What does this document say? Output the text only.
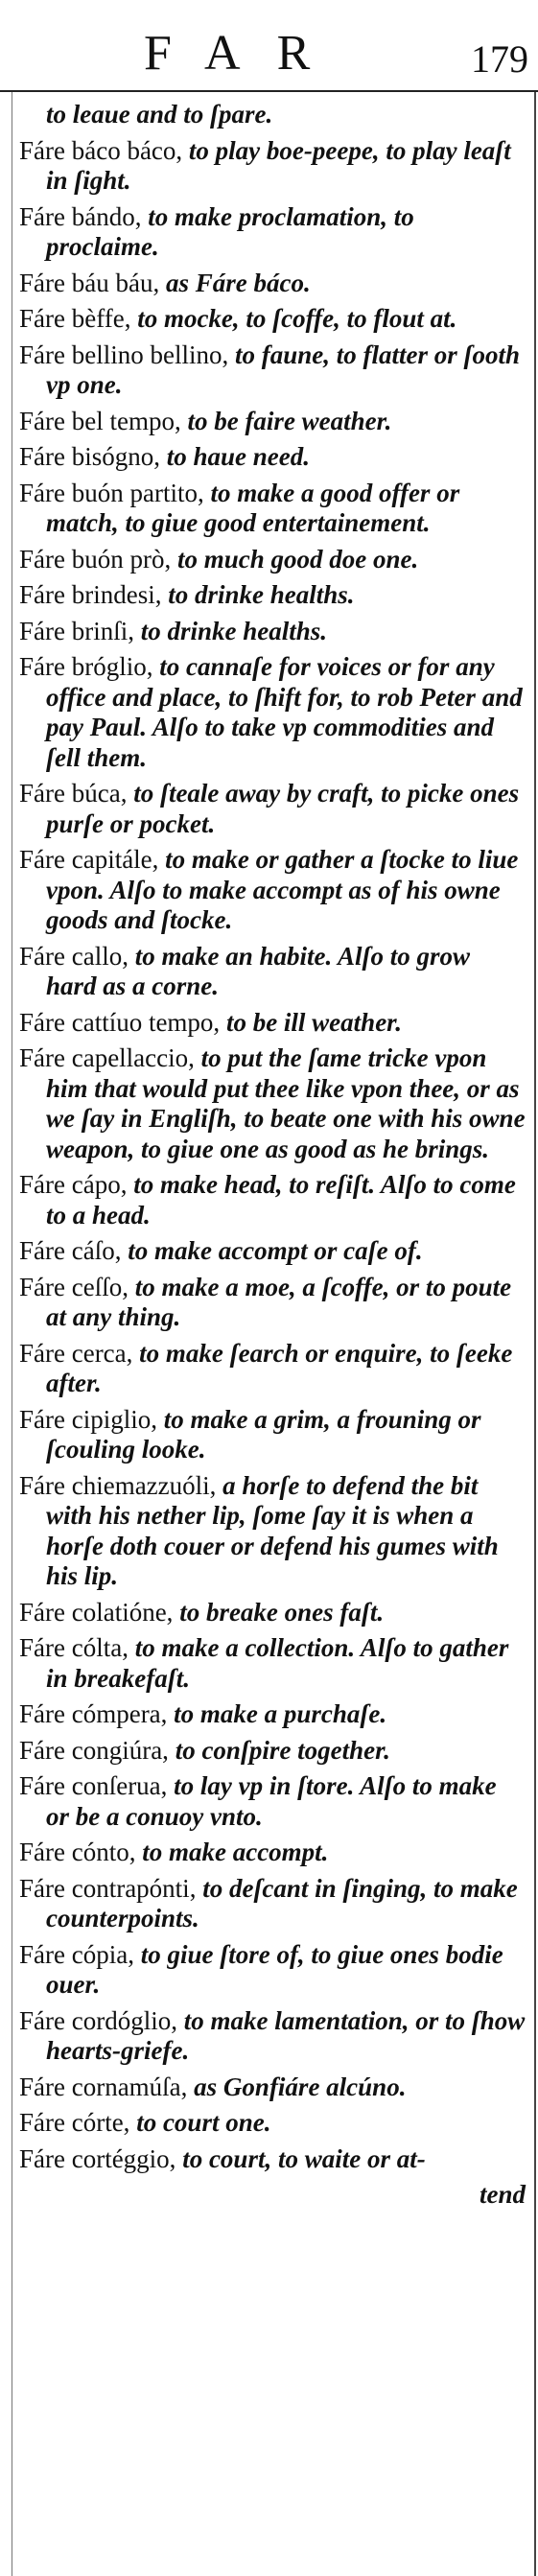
FAR	179
to leaue and to ſpare.
Fáre báco báco, to play boe-peepe, to play leaſt in ſight.
Fáre bándo, to make proclamation, to proclaime.
Fáre báu báu, as Fáre báco.
Fáre bèffe, to mocke, to ſcoffe, to flout at.
Fáre bellino bellino, to faune, to flatter or ſooth vp one.
Fáre bel tempo, to be faire weather.
Fáre bisógno, to haue need.
Fáre buón partito, to make a good offer or match, to giue good entertainement.
Fáre buón prò, to much good doe one.
Fáre brindesi, to drinke healths.
Fáre brinſi, to drinke healths.
Fáre bróglio, to cannaſe for voices or for any office and place, to ſhift for, to rob Peter and pay Paul. Alſo to take vp commodities and ſell them.
Fáre búca, to ſteale away by craft, to picke ones purſe or pocket.
Fáre capitále, to make or gather a ſtocke to liue vpon. Alſo to make accompt as of his owne goods and ſtocke.
Fáre callo, to make an habite. Alſo to grow hard as a corne.
Fáre cattíuo tempo, to be ill weather.
Fáre capellaccio, to put the ſame tricke vpon him that would put thee like vpon thee, or as we ſay in Engliſh, to beate one with his owne weapon, to giue one as good as he brings.
Fáre cápo, to make head, to reſiſt. Alſo to come to a head.
Fáre cáſo, to make accompt or caſe of.
Fáre ceſſo, to make a moe, a ſcoffe, or to poute at any thing.
Fáre cerca, to make ſearch or enquire, to ſeeke after.
Fáre cipiglio, to make a grim, a frouning or ſcouling looke.
Fáre chiemazzuóli, a horſe to defend the bit with his nether lip, ſome ſay it is when a horſe doth couer or defend his gumes with his lip.
Fáre colatióne, to breake ones faſt.
Fáre cólta, to make a collection. Alſo to gather in breakefaſt.
Fáre cómpera, to make a purchaſe.
Fáre congiúra, to conſpire together.
Fáre conſerua, to lay vp in ſtore. Alſo to make or be a conuoy vnto.
Fáre cónto, to make accompt.
Fáre contrapónti, to deſcant in ſinging, to make counterpoints.
Fáre cópia, to giue ſtore of, to giue ones bodie ouer.
Fáre cordóglio, to make lamentation, or to ſhow hearts-griefe.
Fáre cornamúſa, as Gonfiáre alcúno.
Fáre córte, to court one.
Fáre cortéggio, to court, to waite or at-
tend
